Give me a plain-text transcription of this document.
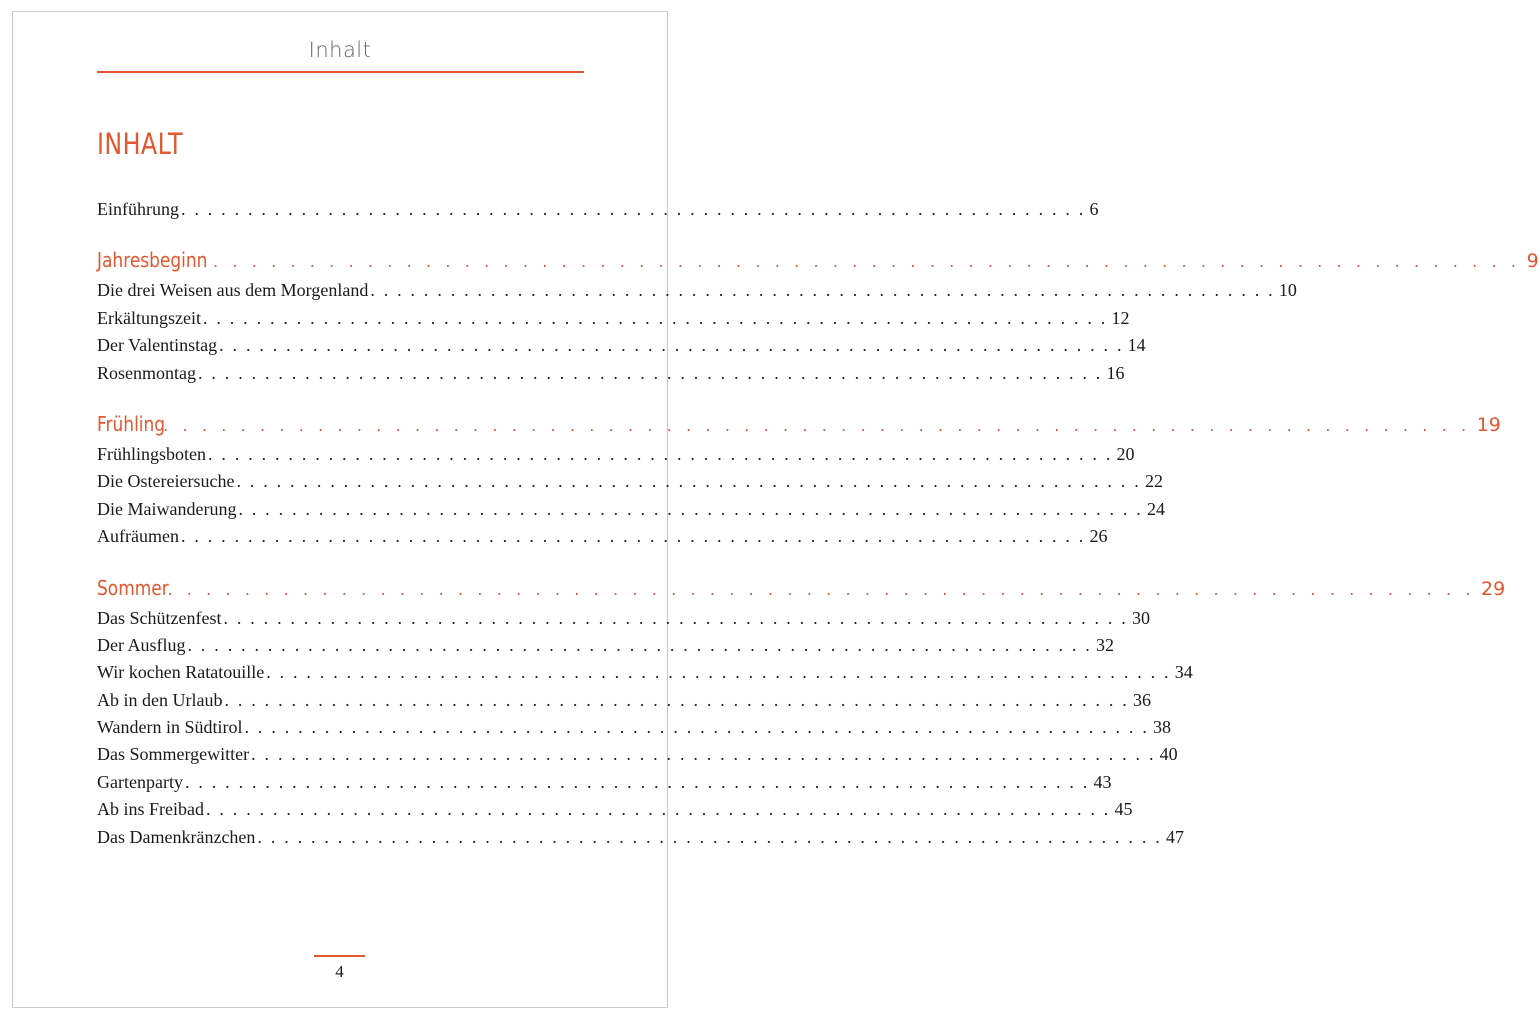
Inhalt
INHALT
Einführung . . . . . . . . . . . . . . . . . . . . . . . . . . . . . . . . . . . . . . . . . . . . . . . . . . . . . . . . . . . . . . . . . . . . 6
Jahresbeginn . . . . . . . . . . . . . . . . . . . . . . . . . . . . . . . . . . . . . . . . . . . . . . . . . . . . . . . . . . . . . . . . . . . . 9
Die drei Weisen aus dem Morgenland . . . . . . . . . . . . . . . . . . . . . . . . . . . . . . . . . . . . . . . . . . . . . . . . . . . . . . . . . . . . . . . . . . . . 10
Erkältungszeit . . . . . . . . . . . . . . . . . . . . . . . . . . . . . . . . . . . . . . . . . . . . . . . . . . . . . . . . . . . . . . . . . . . . 12
Der Valentinstag . . . . . . . . . . . . . . . . . . . . . . . . . . . . . . . . . . . . . . . . . . . . . . . . . . . . . . . . . . . . . . . . . . . . 14
Rosenmontag . . . . . . . . . . . . . . . . . . . . . . . . . . . . . . . . . . . . . . . . . . . . . . . . . . . . . . . . . . . . . . . . . . . . 16
Frühling
. . . . . . . . . . . . . . . . . . . . . . . . . . . . . . . . . . . . . . . . . . . . . . . . . . . . . . . . . . . . . . . . . . . . 19
Frühlingsboten . . . . . . . . . . . . . . . . . . . . . . . . . . . . . . . . . . . . . . . . . . . . . . . . . . . . . . . . . . . . . . . . . . . . 20
Die Ostereiersuche . . . . . . . . . . . . . . . . . . . . . . . . . . . . . . . . . . . . . . . . . . . . . . . . . . . . . . . . . . . . . . . . . . . . 22
Die Maiwanderung . . . . . . . . . . . . . . . . . . . . . . . . . . . . . . . . . . . . . . . . . . . . . . . . . . . . . . . . . . . . . . . . . . . . 24
Aufräumen . . . . . . . . . . . . . . . . . . . . . . . . . . . . . . . . . . . . . . . . . . . . . . . . . . . . . . . . . . . . . . . . . . . . 26
Sommer
. . . . . . . . . . . . . . . . . . . . . . . . . . . . . . . . . . . . . . . . . . . . . . . . . . . . . . . . . . . . . . . . . . . . 29
Das Schützenfest . . . . . . . . . . . . . . . . . . . . . . . . . . . . . . . . . . . . . . . . . . . . . . . . . . . . . . . . . . . . . . . . . . . . 30
Der Ausflug . . . . . . . . . . . . . . . . . . . . . . . . . . . . . . . . . . . . . . . . . . . . . . . . . . . . . . . . . . . . . . . . . . . . 32
Wir kochen Ratatouille . . . . . . . . . . . . . . . . . . . . . . . . . . . . . . . . . . . . . . . . . . . . . . . . . . . . . . . . . . . . . . . . . . . . 34
Ab in den Urlaub . . . . . . . . . . . . . . . . . . . . . . . . . . . . . . . . . . . . . . . . . . . . . . . . . . . . . . . . . . . . . . . . . . . . 36
Wandern in Südtirol . . . . . . . . . . . . . . . . . . . . . . . . . . . . . . . . . . . . . . . . . . . . . . . . . . . . . . . . . . . . . . . . . . . . 38
Das Sommergewitter . . . . . . . . . . . . . . . . . . . . . . . . . . . . . . . . . . . . . . . . . . . . . . . . . . . . . . . . . . . . . . . . . . . . 40
Gartenparty . . . . . . . . . . . . . . . . . . . . . . . . . . . . . . . . . . . . . . . . . . . . . . . . . . . . . . . . . . . . . . . . . . . . 43
Ab ins Freibad . . . . . . . . . . . . . . . . . . . . . . . . . . . . . . . . . . . . . . . . . . . . . . . . . . . . . . . . . . . . . . . . . . . . 45
Das Damenkränzchen . . . . . . . . . . . . . . . . . . . . . . . . . . . . . . . . . . . . . . . . . . . . . . . . . . . . . . . . . . . . . . . . . . . . 47
4
